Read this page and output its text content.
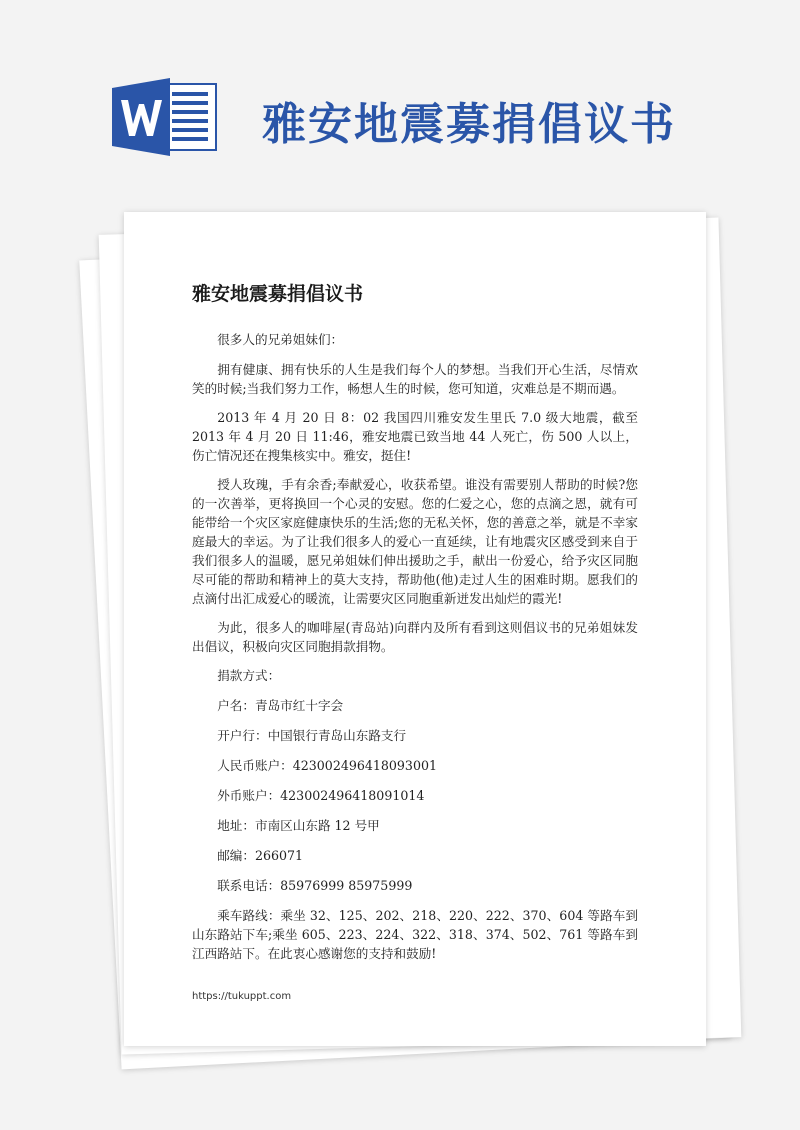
雅安地震募捐倡议书
雅安地震募捐倡议书

很多人的兄弟姐妹们：

拥有健康、拥有快乐的人生是我们每个人的梦想。当我们开心生活，尽情欢笑的时候;当我们努力工作，畅想人生的时候，您可知道，灾难总是不期而遇。

2013 年 4 月 20 日 8：02 我国四川雅安发生里氏 7.0 级大地震，截至 2013 年 4 月 20 日 11:46，雅安地震已致当地 44 人死亡，伤 500 人以上，伤亡情况还在搜集核实中。雅安，挺住!

授人玫瑰，手有余香;奉献爱心，收获希望。谁没有需要别人帮助的时候?您的一次善举，更将换回一个心灵的安慰。您的仁爱之心，您的点滴之恩，就有可能带给一个灾区家庭健康快乐的生活;您的无私关怀，您的善意之举，就是不幸家庭最大的幸运。为了让我们很多人的爱心一直延续，让有地震灾区感受到来自于我们很多人的温暖，愿兄弟姐妹们伸出援助之手，献出一份爱心，给予灾区同胞尽可能的帮助和精神上的莫大支持，帮助他(他)走过人生的困难时期。愿我们的点滴付出汇成爱心的暖流，让需要灾区同胞重新迸发出灿烂的霞光!

为此，很多人的咖啡屋(青岛站)向群内及所有看到这则倡议书的兄弟姐妹发出倡议，积极向灾区同胞捐款捐物。

捐款方式：

户名：青岛市红十字会

开户行：中国银行青岛山东路支行

人民币账户：423002496418093001

外币账户：423002496418091014

地址：市南区山东路 12 号甲

邮编：266071

联系电话：85976999 85975999

乘车路线：乘坐 32、125、202、218、220、222、370、604 等路车到山东路站下车;乘坐 605、223、224、322、318、374、502、761 等路车到江西路站下。在此衷心感谢您的支持和鼓励!

https://tukuppt.com
